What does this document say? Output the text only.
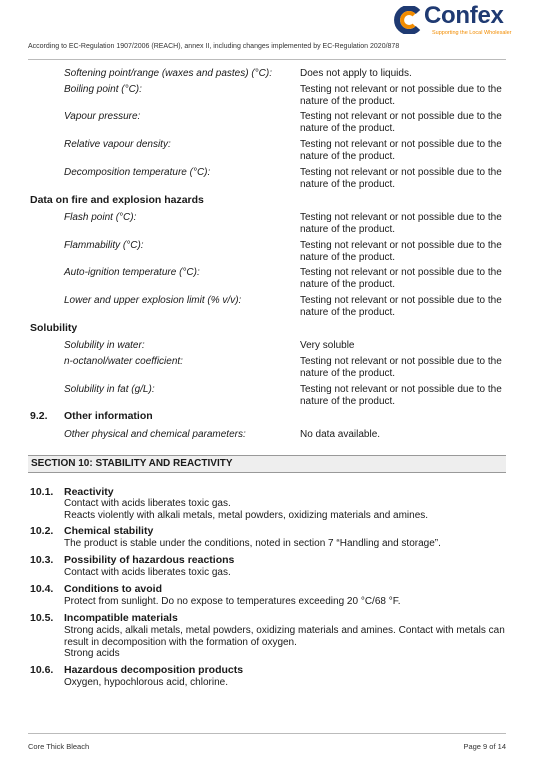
Confex
Supporting the Local Wholesaler
According to EC-Regulation 1907/2006 (REACH), annex II, including changes implemented by EC-Regulation 2020/878
Softening point/range (waxes and pastes) (°C):	Does not apply to liquids.
Boiling point (°C):	Testing not relevant or not possible due to the nature of the product.
Vapour pressure:	Testing not relevant or not possible due to the nature of the product.
Relative vapour density:	Testing not relevant or not possible due to the nature of the product.
Decomposition temperature (°C):	Testing not relevant or not possible due to the nature of the product.
Data on fire and explosion hazards
Flash point (°C):	Testing not relevant or not possible due to the nature of the product.
Flammability (°C):	Testing not relevant or not possible due to the nature of the product.
Auto-ignition temperature (°C):	Testing not relevant or not possible due to the nature of the product.
Lower and upper explosion limit (% v/v):	Testing not relevant or not possible due to the nature of the product.
Solubility
Solubility in water:	Very soluble
n-octanol/water coefficient:	Testing not relevant or not possible due to the nature of the product.
Solubility in fat (g/L):	Testing not relevant or not possible due to the nature of the product.
9.2. Other information
Other physical and chemical parameters:	No data available.
SECTION 10: STABILITY AND REACTIVITY
10.1. Reactivity
Contact with acids liberates toxic gas.
Reacts violently with alkali metals, metal powders, oxidizing materials and amines.
10.2. Chemical stability
The product is stable under the conditions, noted in section 7 “Handling and storage”.
10.3. Possibility of hazardous reactions
Contact with acids liberates toxic gas.
10.4. Conditions to avoid
Protect from sunlight. Do no expose to temperatures exceeding 20 °C/68 °F.
10.5. Incompatible materials
Strong acids, alkali metals, metal powders, oxidizing materials and amines. Contact with metals can result in decomposition with the formation of oxygen.
Strong acids
10.6. Hazardous decomposition products
Oxygen, hypochlorous acid, chlorine.
Core Thick Bleach	Page 9 of 14
